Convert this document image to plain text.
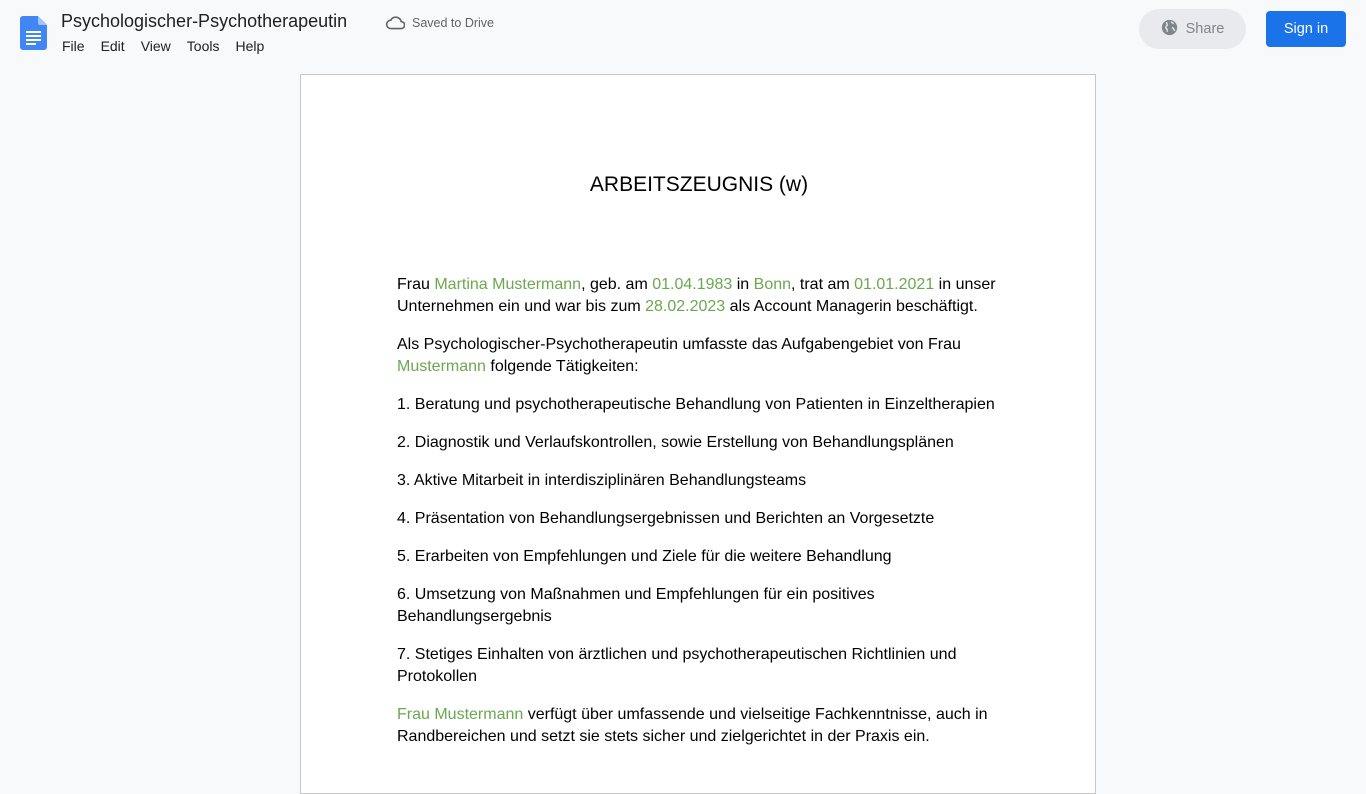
Psychologischer-Psychotherapeutin	Saved to Drive
File	Edit	View	Tools	Help
Share	Sign in
ARBEITSZEUGNIS (w)

Frau Martina Mustermann, geb. am 01.04.1983 in Bonn, trat am 01.01.2021 in unser Unternehmen ein und war bis zum 28.02.2023 als Account Managerin beschäftigt.

Als Psychologischer-Psychotherapeutin umfasste das Aufgabengebiet von Frau Mustermann folgende Tätigkeiten:

1. Beratung und psychotherapeutische Behandlung von Patienten in Einzeltherapien

2. Diagnostik und Verlaufskontrollen, sowie Erstellung von Behandlungsplänen

3. Aktive Mitarbeit in interdisziplinären Behandlungsteams

4. Präsentation von Behandlungsergebnissen und Berichten an Vorgesetzte

5. Erarbeiten von Empfehlungen und Ziele für die weitere Behandlung

6. Umsetzung von Maßnahmen und Empfehlungen für ein positives Behandlungsergebnis

7. Stetiges Einhalten von ärztlichen und psychotherapeutischen Richtlinien und Protokollen

Frau Mustermann verfügt über umfassende und vielseitige Fachkenntnisse, auch in Randbereichen und setzt sie stets sicher und zielgerichtet in der Praxis ein.
